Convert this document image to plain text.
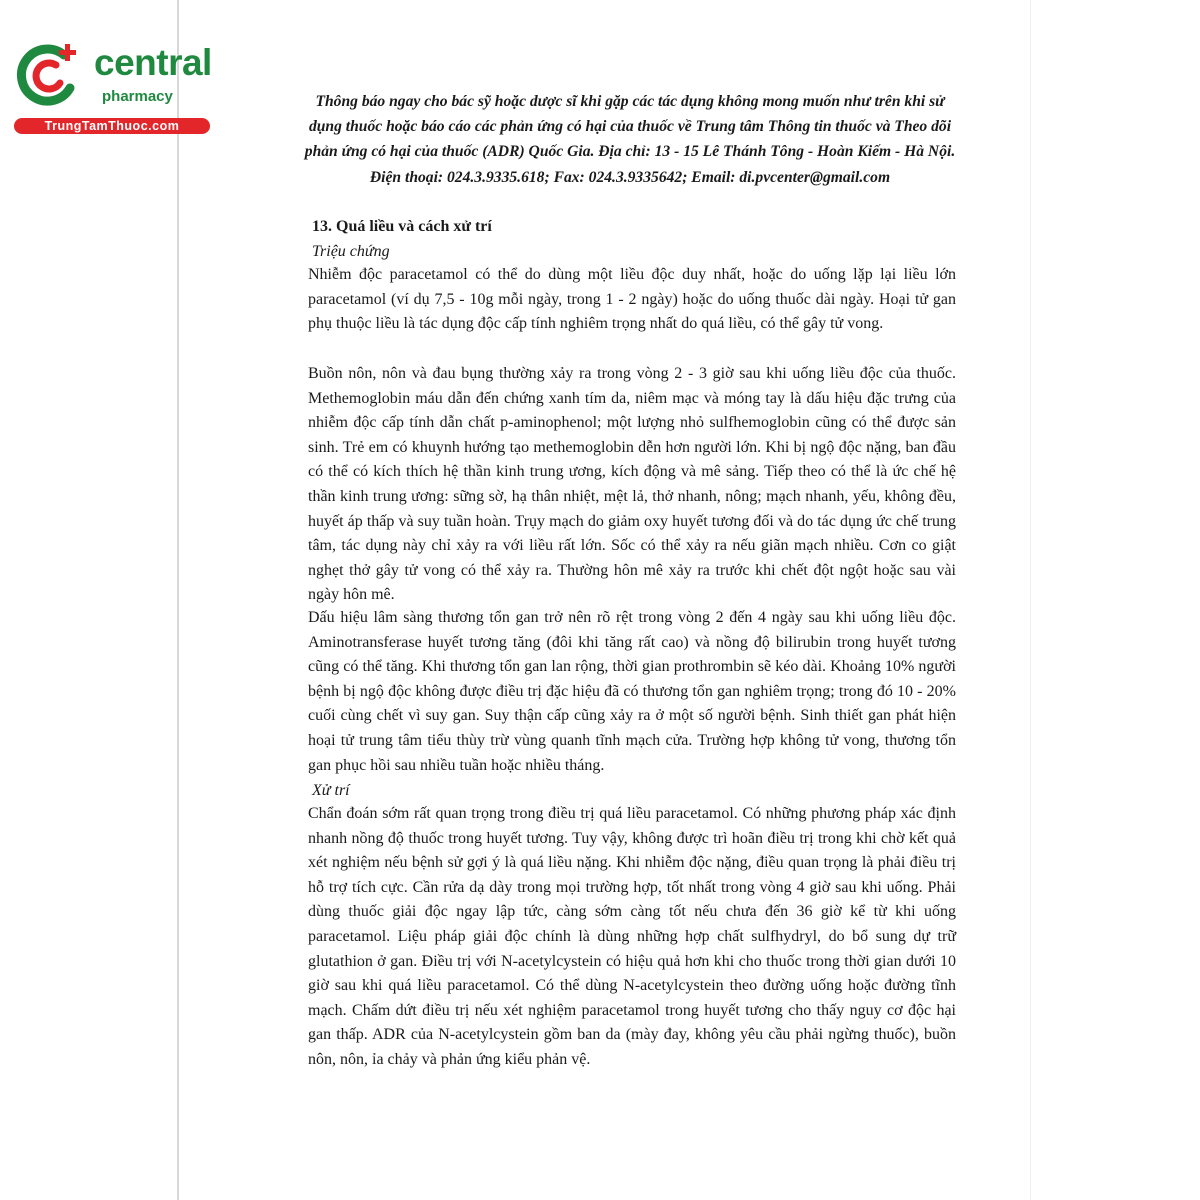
central
pharmacy
TrungTamThuoc.com
Thông báo ngay cho bác sỹ hoặc dược sĩ khi gặp các tác dụng không mong muốn như trên khi sử dụng thuốc hoặc báo cáo các phản ứng có hại của thuốc về Trung tâm Thông tin thuốc và Theo dõi phản ứng có hại của thuốc (ADR) Quốc Gia. Địa chỉ: 13 - 15 Lê Thánh Tông - Hoàn Kiếm - Hà Nội. Điện thoại: 024.3.9335.618; Fax: 024.3.9335642; Email: di.pvcenter@gmail.com
13. Quá liều và cách xử trí
Triệu chứng
Nhiễm độc paracetamol có thể do dùng một liều độc duy nhất, hoặc do uống lặp lại liều lớn paracetamol (ví dụ 7,5 - 10g mỗi ngày, trong 1 - 2 ngày) hoặc do uống thuốc dài ngày. Hoại tử gan phụ thuộc liều là tác dụng độc cấp tính nghiêm trọng nhất do quá liều, có thể gây tử vong.
Buồn nôn, nôn và đau bụng thường xảy ra trong vòng 2 - 3 giờ sau khi uống liều độc của thuốc. Methemoglobin máu dẫn đến chứng xanh tím da, niêm mạc và móng tay là dấu hiệu đặc trưng của nhiễm độc cấp tính dẫn chất p-aminophenol; một lượng nhỏ sulfhemoglobin cũng có thể được sản sinh. Trẻ em có khuynh hướng tạo methemoglobin dễn hơn người lớn. Khi bị ngộ độc nặng, ban đầu có thể có kích thích hệ thần kinh trung ương, kích động và mê sảng. Tiếp theo có thể là ức chế hệ thần kinh trung ương: sững sờ, hạ thân nhiệt, mệt lả, thở nhanh, nông; mạch nhanh, yếu, không đều, huyết áp thấp và suy tuần hoàn. Trụy mạch do giảm oxy huyết tương đối và do tác dụng ức chế trung tâm, tác dụng này chỉ xảy ra với liều rất lớn. Sốc có thể xảy ra nếu giãn mạch nhiều. Cơn co giật nghẹt thở gây tử vong có thể xảy ra. Thường hôn mê xảy ra trước khi chết đột ngột hoặc sau vài ngày hôn mê.
Dấu hiệu lâm sàng thương tổn gan trở nên rõ rệt trong vòng 2 đến 4 ngày sau khi uống liều độc. Aminotransferase huyết tương tăng (đôi khi tăng rất cao) và nồng độ bilirubin trong huyết tương cũng có thể tăng. Khi thương tổn gan lan rộng, thời gian prothrombin sẽ kéo dài. Khoảng 10% người bệnh bị ngộ độc không được điều trị đặc hiệu đã có thương tổn gan nghiêm trọng; trong đó 10 - 20% cuối cùng chết vì suy gan. Suy thận cấp cũng xảy ra ở một số người bệnh. Sinh thiết gan phát hiện hoại tử trung tâm tiểu thùy trừ vùng quanh tĩnh mạch cửa. Trường hợp không tử vong, thương tổn gan phục hồi sau nhiều tuần hoặc nhiều tháng.
Xử trí
Chẩn đoán sớm rất quan trọng trong điều trị quá liều paracetamol. Có những phương pháp xác định nhanh nồng độ thuốc trong huyết tương. Tuy vậy, không được trì hoãn điều trị trong khi chờ kết quả xét nghiệm nếu bệnh sử gợi ý là quá liều nặng. Khi nhiễm độc nặng, điều quan trọng là phải điều trị hỗ trợ tích cực. Cần rửa dạ dày trong mọi trường hợp, tốt nhất trong vòng 4 giờ sau khi uống. Phải dùng thuốc giải độc ngay lập tức, càng sớm càng tốt nếu chưa đến 36 giờ kể từ khi uống paracetamol. Liệu pháp giải độc chính là dùng những hợp chất sulfhydryl, do bổ sung dự trữ glutathion ở gan. Điều trị với N-acetylcystein có hiệu quả hơn khi cho thuốc trong thời gian dưới 10 giờ sau khi quá liều paracetamol. Có thể dùng N-acetylcystein theo đường uống hoặc đường tĩnh mạch. Chấm dứt điều trị nếu xét nghiệm paracetamol trong huyết tương cho thấy nguy cơ độc hại gan thấp. ADR của N-acetylcystein gồm ban da (mày đay, không yêu cầu phải ngừng thuốc), buồn nôn, nôn, ỉa chảy và phản ứng kiểu phản vệ.
